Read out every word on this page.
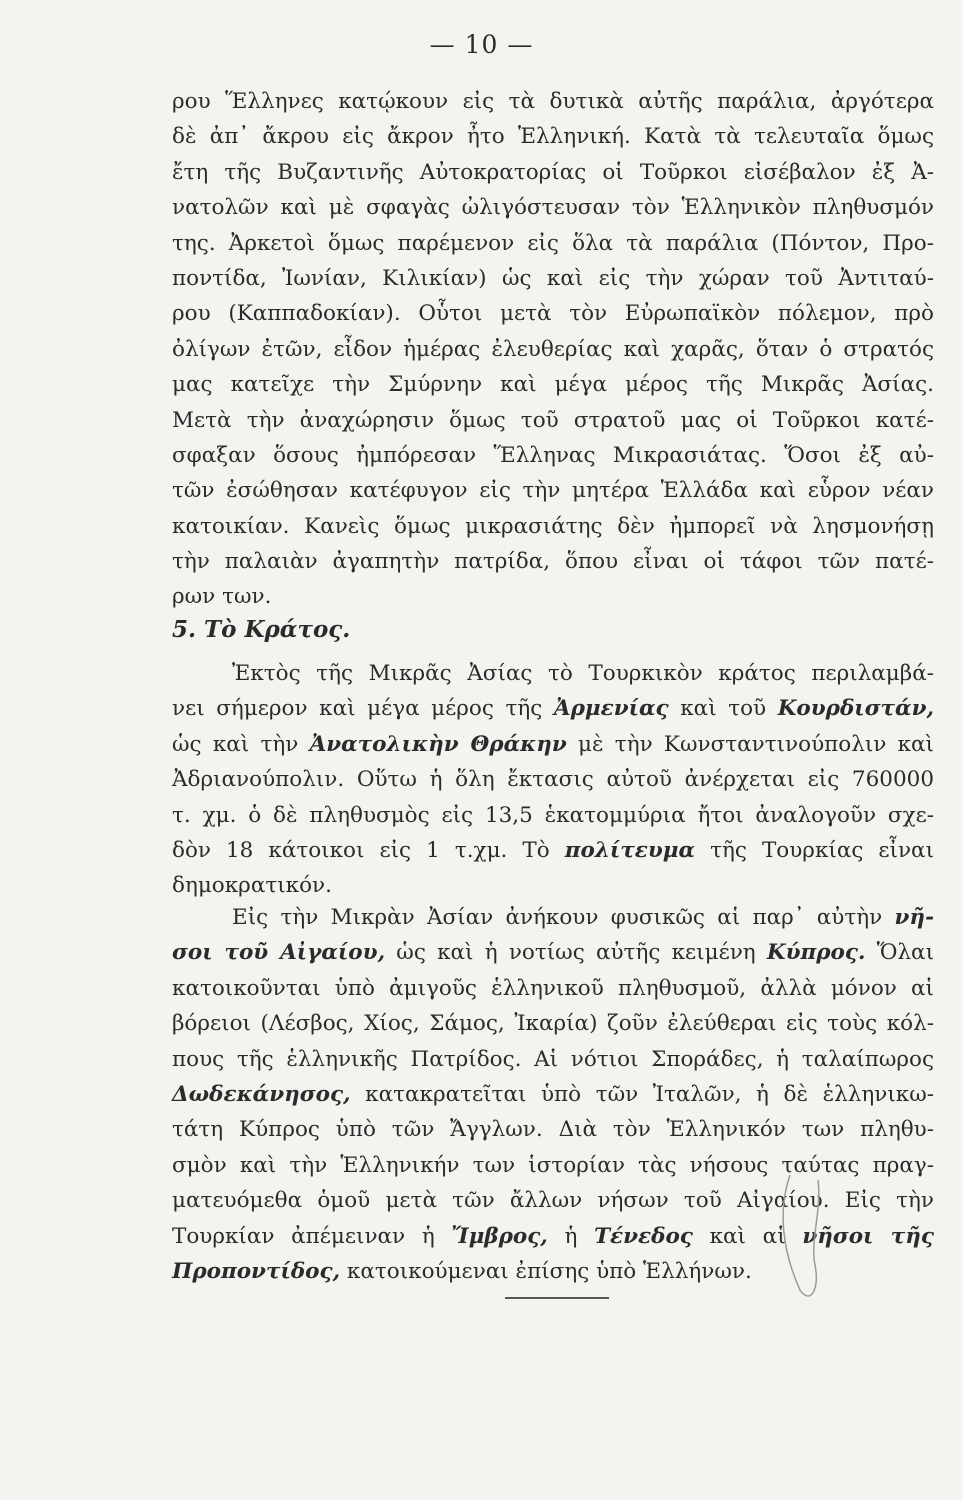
— 10 —
ρου Ἕλληνες κατῴκουν εἰς τὰ δυτικὰ αὐτῆς παράλια, ἀργότερα
δὲ ἀπ᾿ ἄκρου εἰς ἄκρον ἦτο Ἑλληνική. Κατὰ τὰ τελευταῖα ὅμως
ἔτη τῆς Βυζαντινῆς Αὐτοκρατορίας οἱ Τοῦρκοι εἰσέβαλον ἐξ Ἀ-
νατολῶν καὶ μὲ σφαγὰς ὠλιγόστευσαν τὸν Ἑλληνικὸν πληθυσμόν
της. Ἀρκετοὶ ὅμως παρέμενον εἰς ὅλα τὰ παράλια (Πόντον, Προ-
ποντίδα, Ἰωνίαν, Κιλικίαν) ὡς καὶ εἰς τὴν χώραν τοῦ Ἀντιταύ-
ρου (Καππαδοκίαν). Οὗτοι μετὰ τὸν Εὐρωπαϊκὸν πόλεμον, πρὸ
ὀλίγων ἐτῶν, εἶδον ἡμέρας ἐλευθερίας καὶ χαρᾶς, ὅταν ὁ στρατός
μας κατεῖχε τὴν Σμύρνην καὶ μέγα μέρος τῆς Μικρᾶς Ἀσίας.
Μετὰ τὴν ἀναχώρησιν ὅμως τοῦ στρατοῦ μας οἱ Τοῦρκοι κατέ-
σφαξαν ὅσους ἠμπόρεσαν Ἕλληνας Μικρασιάτας. Ὅσοι ἐξ αὐ-
τῶν ἐσώθησαν κατέφυγον εἰς τὴν μητέρα Ἑλλάδα καὶ εὗρον νέαν
κατοικίαν. Κανεὶς ὅμως μικρασιάτης δὲν ἠμπορεῖ νὰ λησμονήσῃ
τὴν παλαιὰν ἀγαπητὴν πατρίδα, ὅπου εἶναι οἱ τάφοι τῶν πατέ-
ρων των.
5. Τὸ Κράτος.
Ἐκτὸς τῆς Μικρᾶς Ἀσίας τὸ Τουρκικὸν κράτος περιλαμβά-
νει σήμερον καὶ μέγα μέρος τῆς Ἀρμενίας καὶ τοῦ Κουρδιστάν,
ὡς καὶ τὴν Ἀνατολικὴν Θράκην μὲ τὴν Κωνσταντινούπολιν καὶ
Ἀδριανούπολιν. Οὕτω ἡ ὅλη ἔκτασις αὐτοῦ ἀνέρχεται εἰς 760000
τ. χμ. ὁ δὲ πληθυσμὸς εἰς 13,5 ἑκατομμύρια ἤτοι ἀναλογοῦν σχε-
δὸν 18 κάτοικοι εἰς 1 τ.χμ. Τὸ πολίτευμα τῆς Τουρκίας εἶναι
δημοκρατικόν.
Εἰς τὴν Μικρὰν Ἀσίαν ἀνήκουν φυσικῶς αἱ παρ᾿ αὐτὴν νῆ-
σοι τοῦ Αἰγαίου, ὡς καὶ ἡ νοτίως αὐτῆς κειμένη Κύπρος. Ὅλαι
κατοικοῦνται ὑπὸ ἀμιγοῦς ἑλληνικοῦ πληθυσμοῦ, ἀλλὰ μόνον αἱ
βόρειοι (Λέσβος, Χίος, Σάμος, Ἰκαρία) ζοῦν ἐλεύθεραι εἰς τοὺς κόλ-
πους τῆς ἑλληνικῆς Πατρίδος. Αἱ νότιοι Σποράδες, ἡ ταλαίπωρος
Δωδεκάνησος, κατακρατεῖται ὑπὸ τῶν Ἰταλῶν, ἡ δὲ ἑλληνικω-
τάτη Κύπρος ὑπὸ τῶν Ἄγγλων. Διὰ τὸν Ἑλληνικόν των πληθυ-
σμὸν καὶ τὴν Ἑλληνικήν των ἱστορίαν τὰς νήσους ταύτας πραγ-
ματευόμεθα ὁμοῦ μετὰ τῶν ἄλλων νήσων τοῦ Αἰγαίου. Εἰς τὴν
Τουρκίαν ἀπέμειναν ἡ Ἴμβρος, ἡ Τένεδος καὶ αἱ νῆσοι τῆς
Προποντίδος, κατοικούμεναι ἐπίσης ὑπὸ Ἑλλήνων.
